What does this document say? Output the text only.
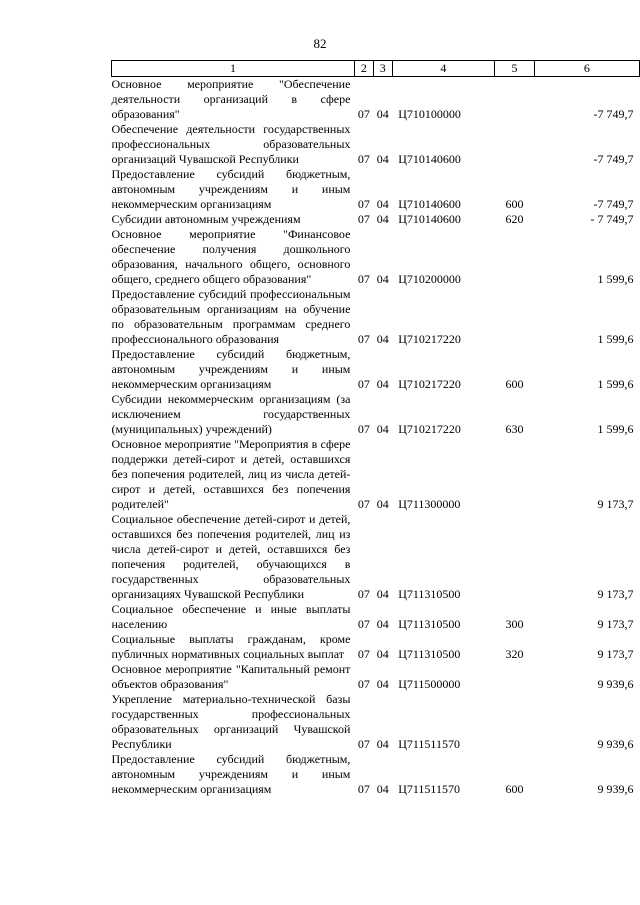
82
1	2	3	4	5	6
Основное мероприятие "Обеспечение деятельности организаций в сфере образования"	07	04	Ц710100000		-7 749,7
Обеспечение деятельности государственных профессиональных образовательных организаций Чувашской Республики	07	04	Ц710140600		-7 749,7
Предоставление субсидий бюджетным, автономным учреждениям и иным некоммерческим организациям	07	04	Ц710140600	600	-7 749,7
Субсидии автономным учреждениям	07	04	Ц710140600	620	- 7 749,7
Основное мероприятие "Финансовое обеспечение получения дошкольного образования, начального общего, основного общего, среднего общего образования"	07	04	Ц710200000		1 599,6
Предоставление субсидий профессиональным образовательным организациям на обучение по образовательным программам среднего профессионального образования	07	04	Ц710217220		1 599,6
Предоставление субсидий бюджетным, автономным учреждениям и иным некоммерческим организациям	07	04	Ц710217220	600	1 599,6
Субсидии некоммерческим организациям (за исключением государственных (муниципальных) учреждений)	07	04	Ц710217220	630	1 599,6
Основное мероприятие "Мероприятия в сфере поддержки детей-сирот и детей, оставшихся без попечения родителей, лиц из числа детей-сирот и детей, оставшихся без попечения родителей"	07	04	Ц711300000		9 173,7
Социальное обеспечение детей-сирот и детей, оставшихся без попечения родителей, лиц из числа детей-сирот и детей, оставшихся без попечения родителей, обучающихся в государственных образовательных организациях Чувашской Республики	07	04	Ц711310500		9 173,7
Социальное обеспечение и иные выплаты населению	07	04	Ц711310500	300	9 173,7
Социальные выплаты гражданам, кроме публичных нормативных социальных выплат	07	04	Ц711310500	320	9 173,7
Основное мероприятие "Капитальный ремонт объектов образования"	07	04	Ц711500000		9 939,6
Укрепление материально-технической базы государственных профессиональных образовательных организаций Чувашской Республики	07	04	Ц711511570		9 939,6
Предоставление субсидий бюджетным, автономным учреждениям и иным некоммерческим организациям	07	04	Ц711511570	600	9 939,6
